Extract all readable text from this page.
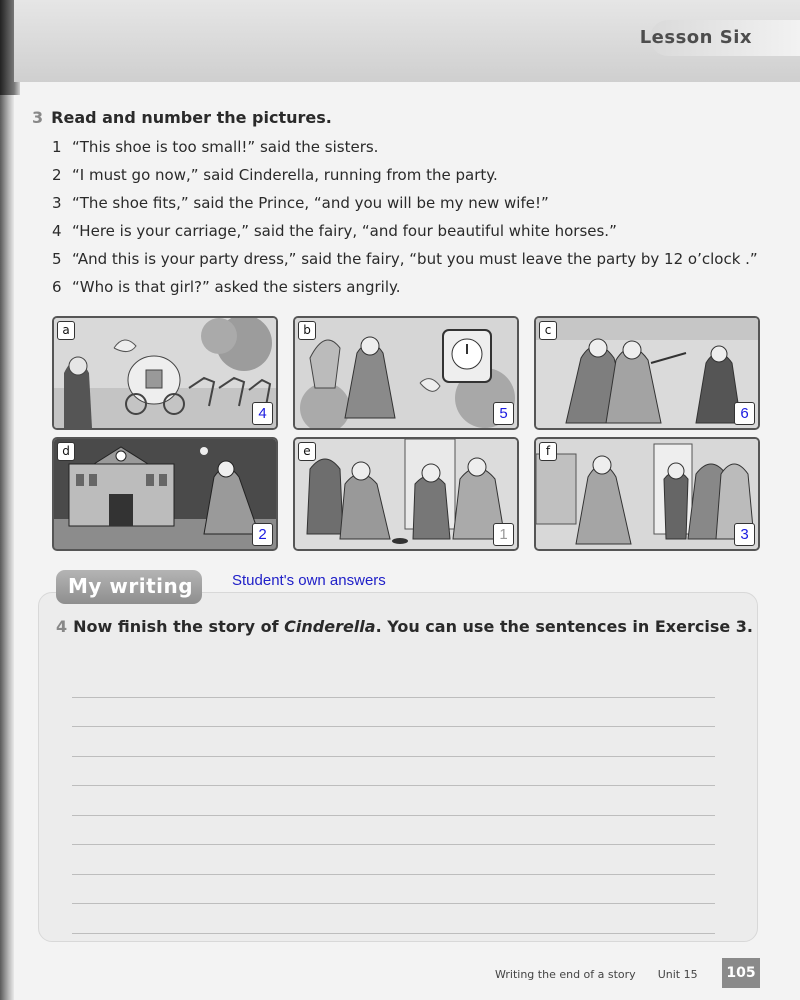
Lesson Six
3 Read and number the pictures.
1 “This shoe is too small!” said the sisters.
2 “I must go now,” said Cinderella, running from the party.
3 “The shoe fits,” said the Prince, “and you will be my new wife!”
4 “Here is your carriage,” said the fairy, “and four beautiful white horses.”
5 “And this is your party dress,” said the fairy, “but you must leave the party by 12 o’clock .”
6 “Who is that girl?” asked the sisters angrily.
a
4
b
5
c
6
d
2
e
1
f
3
My writing	Student's own answers
4 Now finish the story of Cinderella. You can use the sentences in Exercise 3.
Writing the end of a story Unit 15	105
